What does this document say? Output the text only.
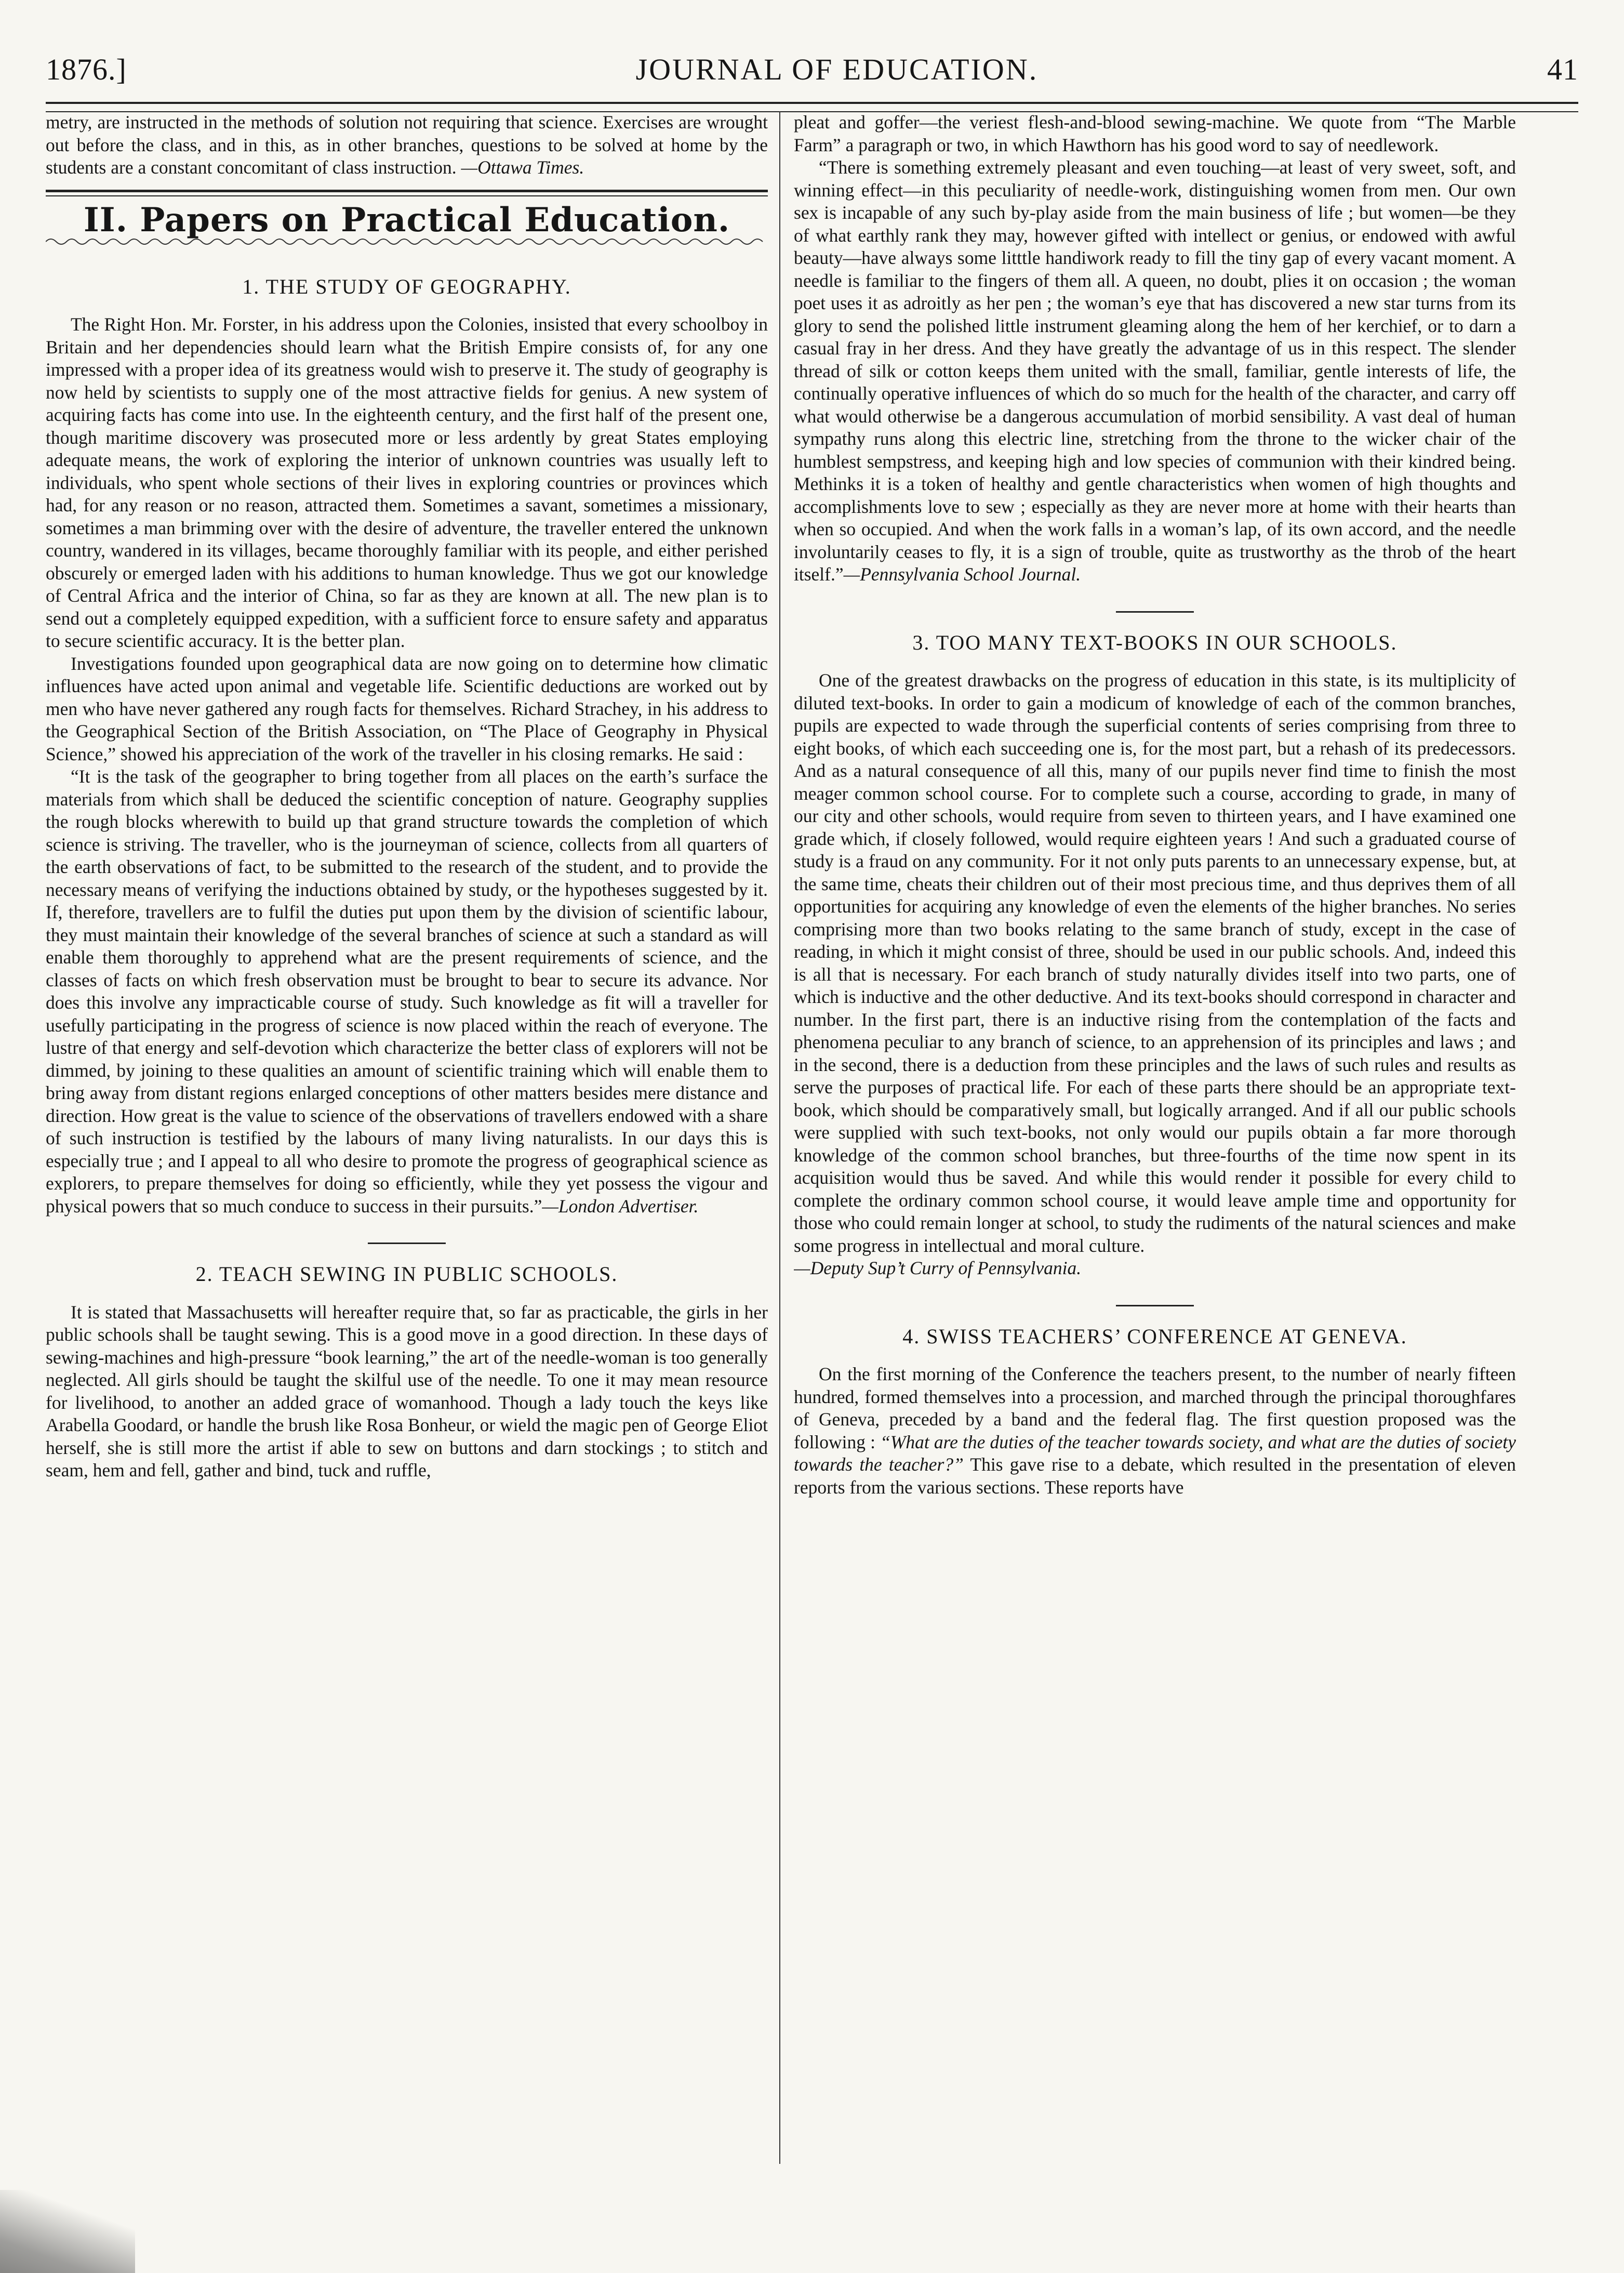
1876.]	JOURNAL OF EDUCATION.	41

metry, are instructed in the methods of solution not requiring that science. Exercises are wrought out before the class, and in this, as in other branches, questions to be solved at home by the students are a constant concomitant of class instruction. —Ottawa Times.

II. Papers on Practical Education.
1. THE STUDY OF GEOGRAPHY.

The Right Hon. Mr. Forster, in his address upon the Colonies, insisted that every schoolboy in Britain and her dependencies should learn what the British Empire consists of, for any one impressed with a proper idea of its greatness would wish to preserve it. The study of geography is now held by scientists to supply one of the most attractive fields for genius. A new system of acquiring facts has come into use. In the eighteenth century, and the first half of the present one, though maritime discovery was prosecuted more or less ardently by great States employing adequate means, the work of exploring the interior of unknown countries was usually left to individuals, who spent whole sections of their lives in exploring countries or provinces which had, for any reason or no reason, attracted them. Sometimes a savant, sometimes a missionary, sometimes a man brimming over with the desire of adventure, the traveller entered the unknown country, wandered in its villages, became thoroughly familiar with its people, and either perished obscurely or emerged laden with his additions to human knowledge. Thus we got our knowledge of Central Africa and the interior of China, so far as they are known at all. The new plan is to send out a completely equipped expedition, with a sufficient force to ensure safety and apparatus to secure scientific accuracy. It is the better plan.

Investigations founded upon geographical data are now going on to determine how climatic influences have acted upon animal and vegetable life. Scientific deductions are worked out by men who have never gathered any rough facts for themselves. Richard Strachey, in his address to the Geographical Section of the British Association, on “The Place of Geography in Physical Science,” showed his appreciation of the work of the traveller in his closing remarks. He said :

“It is the task of the geographer to bring together from all places on the earth’s surface the materials from which shall be deduced the scientific conception of nature. Geography supplies the rough blocks wherewith to build up that grand structure towards the completion of which science is striving. The traveller, who is the journeyman of science, collects from all quarters of the earth observations of fact, to be submitted to the research of the student, and to provide the necessary means of verifying the inductions obtained by study, or the hypotheses suggested by it. If, therefore, travellers are to fulfil the duties put upon them by the division of scientific labour, they must maintain their knowledge of the several branches of science at such a standard as will enable them thoroughly to apprehend what are the present requirements of science, and the classes of facts on which fresh observation must be brought to bear to secure its advance. Nor does this involve any impracticable course of study. Such knowledge as fit will a traveller for usefully participating in the progress of science is now placed within the reach of everyone. The lustre of that energy and self-devotion which characterize the better class of explorers will not be dimmed, by joining to these qualities an amount of scientific training which will enable them to bring away from distant regions enlarged conceptions of other matters besides mere distance and direction. How great is the value to science of the observations of travellers endowed with a share of such instruction is testified by the labours of many living naturalists. In our days this is especially true ; and I appeal to all who desire to promote the progress of geographical science as explorers, to prepare themselves for doing so efficiently, while they yet possess the vigour and physical powers that so much conduce to success in their pursuits.”—London Advertiser.

2. TEACH SEWING IN PUBLIC SCHOOLS.

It is stated that Massachusetts will hereafter require that, so far as practicable, the girls in her public schools shall be taught sewing. This is a good move in a good direction. In these days of sewing-machines and high-pressure “book learning,” the art of the needle-woman is too generally neglected. All girls should be taught the skilful use of the needle. To one it may mean resource for livelihood, to another an added grace of womanhood. Though a lady touch the keys like Arabella Goodard, or handle the brush like Rosa Bonheur, or wield the magic pen of George Eliot herself, she is still more the artist if able to sew on buttons and darn stockings ; to stitch and seam, hem and fell, gather and bind, tuck and ruffle,

pleat and goffer—the veriest flesh-and-blood sewing-machine. We quote from “The Marble Farm” a paragraph or two, in which Hawthorn has his good word to say of needlework.

“There is something extremely pleasant and even touching—at least of very sweet, soft, and winning effect—in this peculiarity of needle-work, distinguishing women from men. Our own sex is incapable of any such by-play aside from the main business of life ; but women—be they of what earthly rank they may, however gifted with intellect or genius, or endowed with awful beauty—have always some litttle handiwork ready to fill the tiny gap of every vacant moment. A needle is familiar to the fingers of them all. A queen, no doubt, plies it on occasion ; the woman poet uses it as adroitly as her pen ; the woman’s eye that has discovered a new star turns from its glory to send the polished little instrument gleaming along the hem of her kerchief, or to darn a casual fray in her dress. And they have greatly the advantage of us in this respect. The slender thread of silk or cotton keeps them united with the small, familiar, gentle interests of life, the continually operative influences of which do so much for the health of the character, and carry off what would otherwise be a dangerous accumulation of morbid sensibility. A vast deal of human sympathy runs along this electric line, stretching from the throne to the wicker chair of the humblest sempstress, and keeping high and low species of communion with their kindred being. Methinks it is a token of healthy and gentle characteristics when women of high thoughts and accomplishments love to sew ; especially as they are never more at home with their hearts than when so occupied. And when the work falls in a woman’s lap, of its own accord, and the needle involuntarily ceases to fly, it is a sign of trouble, quite as trustworthy as the throb of the heart itself.”—Pennsylvania School Journal.

3. TOO MANY TEXT-BOOKS IN OUR SCHOOLS.

One of the greatest drawbacks on the progress of education in this state, is its multiplicity of diluted text-books. In order to gain a modicum of knowledge of each of the common branches, pupils are expected to wade through the superficial contents of series comprising from three to eight books, of which each succeeding one is, for the most part, but a rehash of its predecessors. And as a natural consequence of all this, many of our pupils never find time to finish the most meager common school course. For to complete such a course, according to grade, in many of our city and other schools, would require from seven to thirteen years, and I have examined one grade which, if closely followed, would require eighteen years ! And such a graduated course of study is a fraud on any community. For it not only puts parents to an unnecessary expense, but, at the same time, cheats their children out of their most precious time, and thus deprives them of all opportunities for acquiring any knowledge of even the elements of the higher branches. No series comprising more than two books relating to the same branch of study, except in the case of reading, in which it might consist of three, should be used in our public schools. And, indeed this is all that is necessary. For each branch of study naturally divides itself into two parts, one of which is inductive and the other deductive. And its text-books should correspond in character and number. In the first part, there is an inductive rising from the contemplation of the facts and phenomena peculiar to any branch of science, to an apprehension of its principles and laws ; and in the second, there is a deduction from these principles and the laws of such rules and results as serve the purposes of practical life. For each of these parts there should be an appropriate text-book, which should be comparatively small, but logically arranged. And if all our public schools were supplied with such text-books, not only would our pupils obtain a far more thorough knowledge of the common school branches, but three-fourths of the time now spent in its acquisition would thus be saved. And while this would render it possible for every child to complete the ordinary common school course, it would leave ample time and opportunity for those who could remain longer at school, to study the rudiments of the natural sciences and make some progress in intellectual and moral culture.

—Deputy Sup’t Curry of Pennsylvania.

4. SWISS TEACHERS’ CONFERENCE AT GENEVA.

On the first morning of the Conference the teachers present, to the number of nearly fifteen hundred, formed themselves into a procession, and marched through the principal thoroughfares of Geneva, preceded by a band and the federal flag. The first question proposed was the following : “What are the duties of the teacher towards society, and what are the duties of society towards the teacher?” This gave rise to a debate, which resulted in the presentation of eleven reports from the various sections. These reports have
